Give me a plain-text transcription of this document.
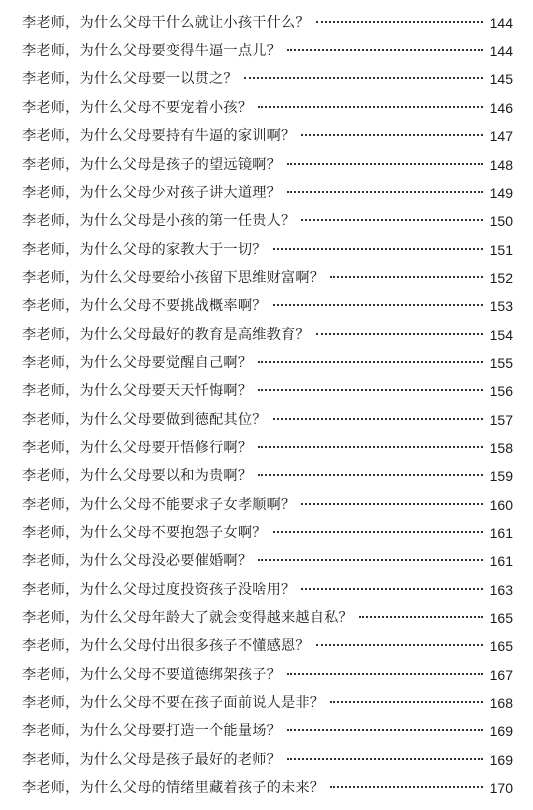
李老师，为什么父母干什么就让小孩干什么？	144
李老师，为什么父母要变得牛逼一点儿？	144
李老师，为什么父母要一以贯之？	145
李老师，为什么父母不要宠着小孩？	146
李老师，为什么父母要持有牛逼的家训啊？	147
李老师，为什么父母是孩子的望远镜啊？	148
李老师，为什么父母少对孩子讲大道理？	149
李老师，为什么父母是小孩的第一任贵人？	150
李老师，为什么父母的家教大于一切？	151
李老师，为什么父母要给小孩留下思维财富啊？	152
李老师，为什么父母不要挑战概率啊？	153
李老师，为什么父母最好的教育是高维教育？	154
李老师，为什么父母要觉醒自己啊？	155
李老师，为什么父母要天天忏悔啊？	156
李老师，为什么父母要做到德配其位？	157
李老师，为什么父母要开悟修行啊？	158
李老师，为什么父母要以和为贵啊？	159
李老师，为什么父母不能要求子女孝顺啊？	160
李老师，为什么父母不要抱怨子女啊？	161
李老师，为什么父母没必要催婚啊？	161
李老师，为什么父母过度投资孩子没啥用？	163
李老师，为什么父母年龄大了就会变得越来越自私？	165
李老师，为什么父母付出很多孩子不懂感恩？	165
李老师，为什么父母不要道德绑架孩子？	167
李老师，为什么父母不要在孩子面前说人是非？	168
李老师，为什么父母要打造一个能量场？	169
李老师，为什么父母是孩子最好的老师？	169
李老师，为什么父母的情绪里藏着孩子的未来？	170
